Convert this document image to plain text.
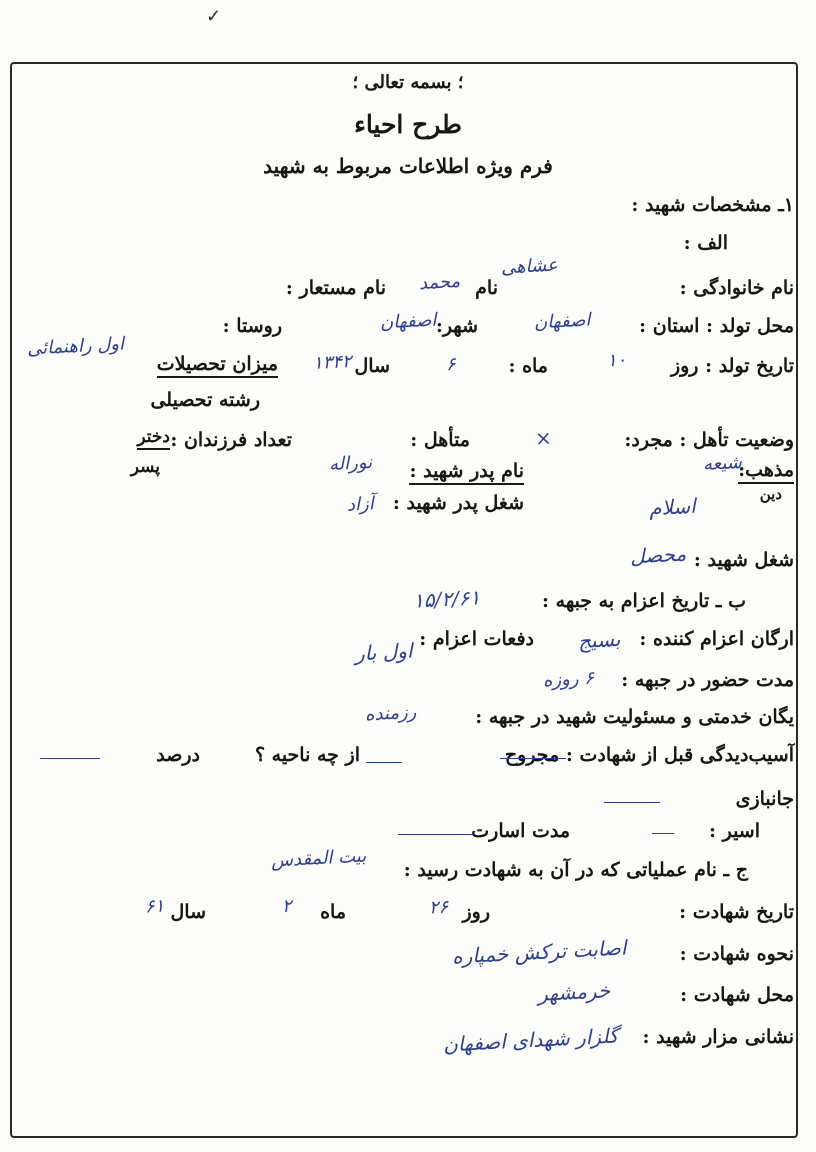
✓
؛ بسمه تعالی ؛
طرح احیاء
فرم ویژه اطلاعات مربوط به شهید
۱ـ مشخصات شهید :
الف :
نام خانوادگی :
عشاهی
نام
محمد
نام مستعار :
محل تولد : استان :
اصفهان
شهر:
اصفهان
روستا :
تاریخ تولد : روز
۱۰
ماه :
۶
سال
۱۳۴۲
میزان تحصیلات
اول راهنمائی
رشته تحصیلی
وضعیت تأهل : مجرد:
×
متأهل :
تعداد فرزندان :
دختر
پسر	مذهب:
شیعه
نام پدر شهید :
نوراله
دین
اسلام
شغل پدر شهید :
آزاد
شغل شهید :
محصل
ب ـ تاریخ اعزام به جبهه :
۱۵/۲/۶۱
ارگان اعزام کننده :
بسیج
دفعات اعزام :
اول بار
مدت حضور در جبهه :
۶ روزه
یگان خدمتی و مسئولیت شهید در جبهه :
رزمنده
آسیب‌دیدگی قبل از شهادت : مجروح
از چه ناحیه ؟
درصد
جانبازی
اسیر :
مدت اسارت
ج ـ نام عملیاتی که در آن به شهادت رسید :
بیت المقدس
تاریخ شهادت :
روز
۲۶
ماه
۲
سال
۶۱
نحوه شهادت :
اصابت ترکش خمپاره
محل شهادت :
خرمشهر
نشانی مزار شهید :
گلزار شهدای اصفهان
